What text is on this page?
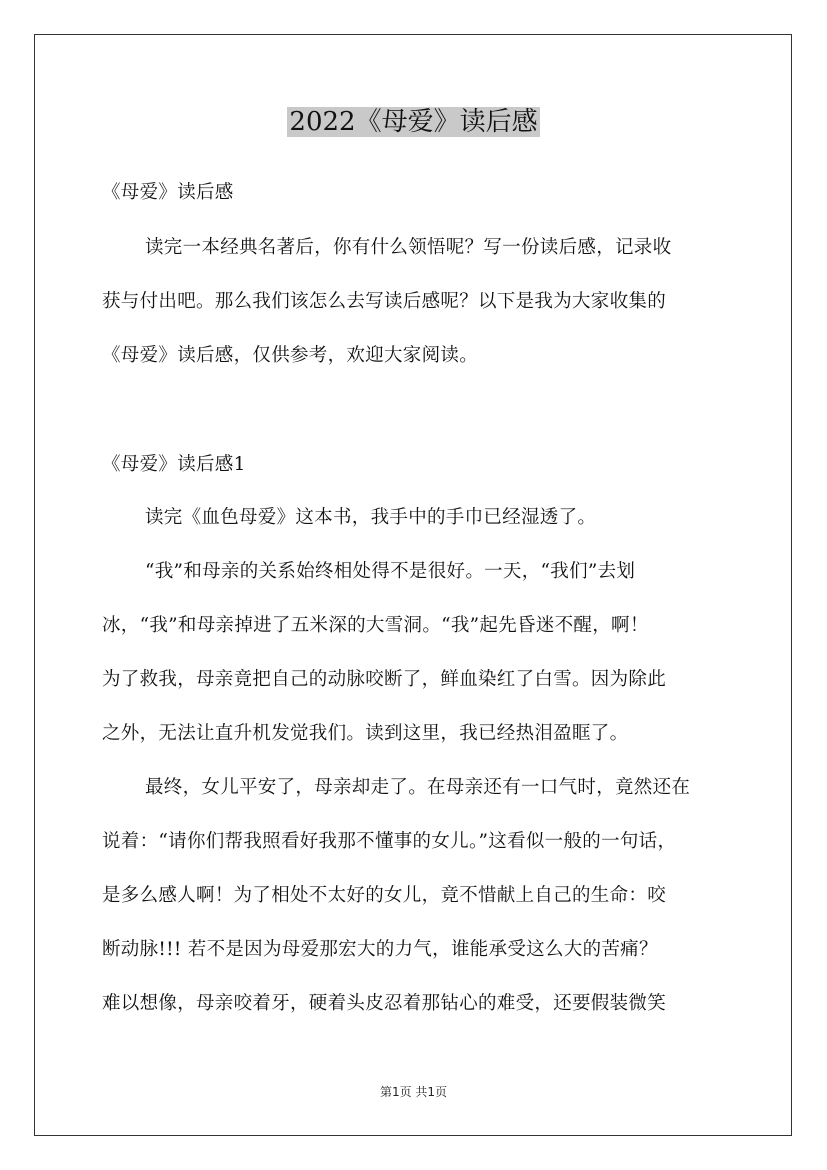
2022《母爱》读后感
《母爱》读后感
读完一本经典名著后，你有什么领悟呢？写一份读后感，记录收
获与付出吧。那么我们该怎么去写读后感呢？以下是我为大家收集的
《母爱》读后感，仅供参考，欢迎大家阅读。
《母爱》读后感1
读完《血色母爱》这本书，我手中的手巾已经湿透了。
“我”和母亲的关系始终相处得不是很好。一天，“我们”去划
冰，“我”和母亲掉进了五米深的大雪洞。“我”起先昏迷不醒，啊！
为了救我，母亲竟把自己的动脉咬断了，鲜血染红了白雪。因为除此
之外，无法让直升机发觉我们。读到这里，我已经热泪盈眶了。
最终，女儿平安了，母亲却走了。在母亲还有一口气时，竟然还在
说着：“请你们帮我照看好我那不懂事的女儿。”这看似一般的一句话，
是多么感人啊！为了相处不太好的女儿，竟不惜献上自己的生命：咬
断动脉!!! 若不是因为母爱那宏大的力气，谁能承受这么大的苦痛？
难以想像，母亲咬着牙，硬着头皮忍着那钻心的难受，还要假装微笑
第1页 共1页
